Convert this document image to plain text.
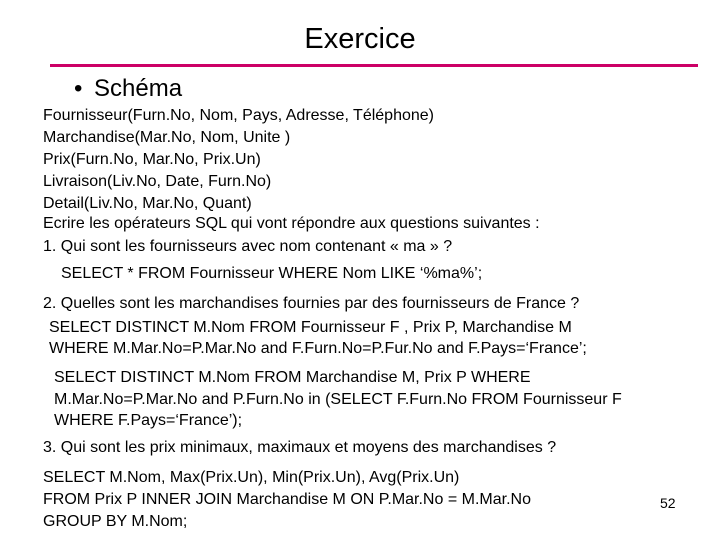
Exercice
• Schéma
Fournisseur(Furn.No, Nom, Pays, Adresse, Téléphone)
Marchandise(Mar.No, Nom, Unite )
Prix(Furn.No, Mar.No, Prix.Un)
Livraison(Liv.No, Date, Furn.No)
Detail(Liv.No, Mar.No, Quant)
Ecrire les opérateurs SQL qui vont répondre aux questions suivantes :
1. Qui sont les fournisseurs avec nom contenant « ma » ?
SELECT * FROM Fournisseur WHERE Nom LIKE ‘%ma%’;
2. Quelles sont les marchandises fournies par des fournisseurs de France ?
SELECT DISTINCT M.Nom FROM Fournisseur F , Prix P, Marchandise M
WHERE M.Mar.No=P.Mar.No and F.Furn.No=P.Fur.No and F.Pays=‘France’;
SELECT DISTINCT M.Nom FROM Marchandise M, Prix P WHERE
M.Mar.No=P.Mar.No and P.Furn.No in (SELECT F.Furn.No FROM Fournisseur F
WHERE F.Pays=‘France’);
3. Qui sont les prix minimaux, maximaux et moyens des marchandises ?
SELECT M.Nom, Max(Prix.Un), Min(Prix.Un), Avg(Prix.Un)
FROM Prix P INNER JOIN Marchandise M ON P.Mar.No = M.Mar.No
GROUP BY M.Nom;
52
